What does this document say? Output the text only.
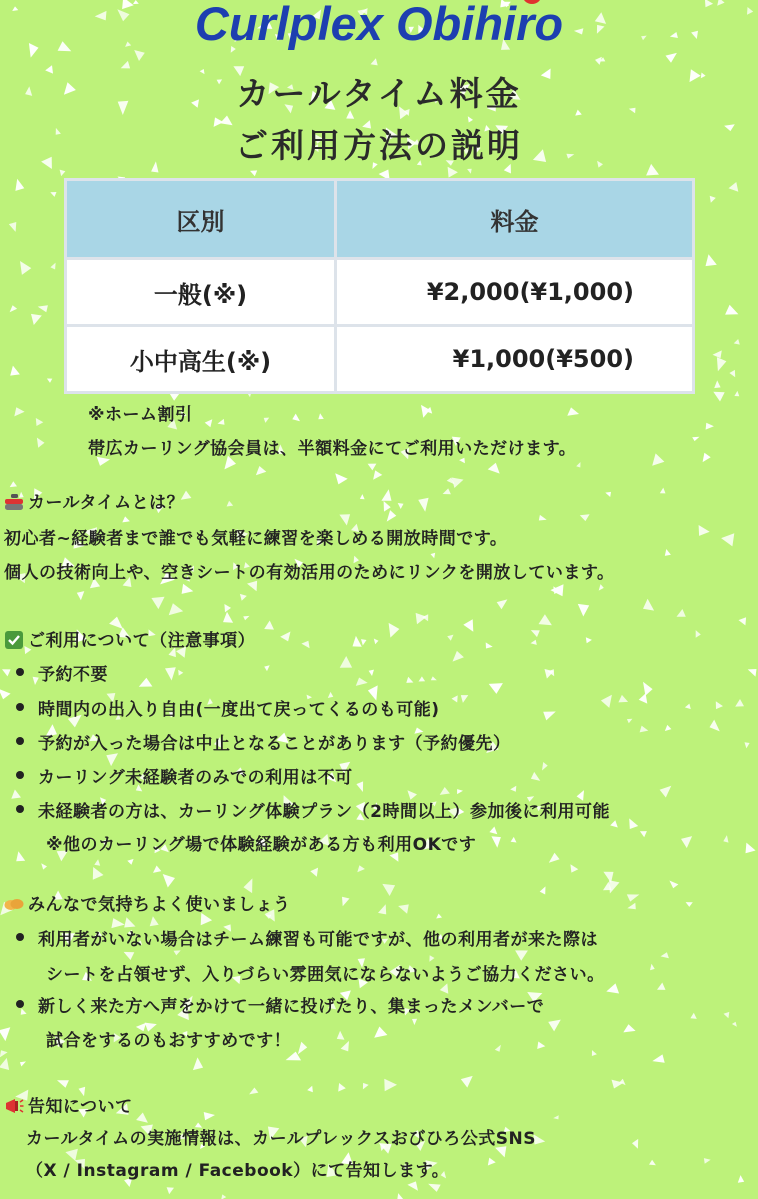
Curlplex Obihiro
カールタイム料金
ご利用方法の説明
区別	料金
一般(※)	¥2,000(¥1,000)
小中高生(※)	¥1,000(¥500)
※ホーム割引
帯広カーリング協会員は、半額料金にてご利用いただけます。
カールタイムとは？
初心者~経験者まで誰でも気軽に練習を楽しめる開放時間です。
個人の技術向上や、空きシートの有効活用のためにリンクを開放しています。
ご利用について（注意事項）
予約不要
時間内の出入り自由(一度出て戻ってくるのも可能)
予約が入った場合は中止となることがあります（予約優先）
カーリング未経験者のみでの利用は不可
未経験者の方は、カーリング体験プラン（2時間以上）参加後に利用可能
※他のカーリング場で体験経験がある方も利用OKです
みんなで気持ちよく使いましょう
利用者がいない場合はチーム練習も可能ですが、他の利用者が来た際は
シートを占領せず、入りづらい雰囲気にならないようご協力ください。
新しく来た方へ声をかけて一緒に投げたり、集まったメンバーで
試合をするのもおすすめです！
告知について
カールタイムの実施情報は、カールプレックスおびひろ公式SNS
（X / Instagram / Facebook）にて告知します。
